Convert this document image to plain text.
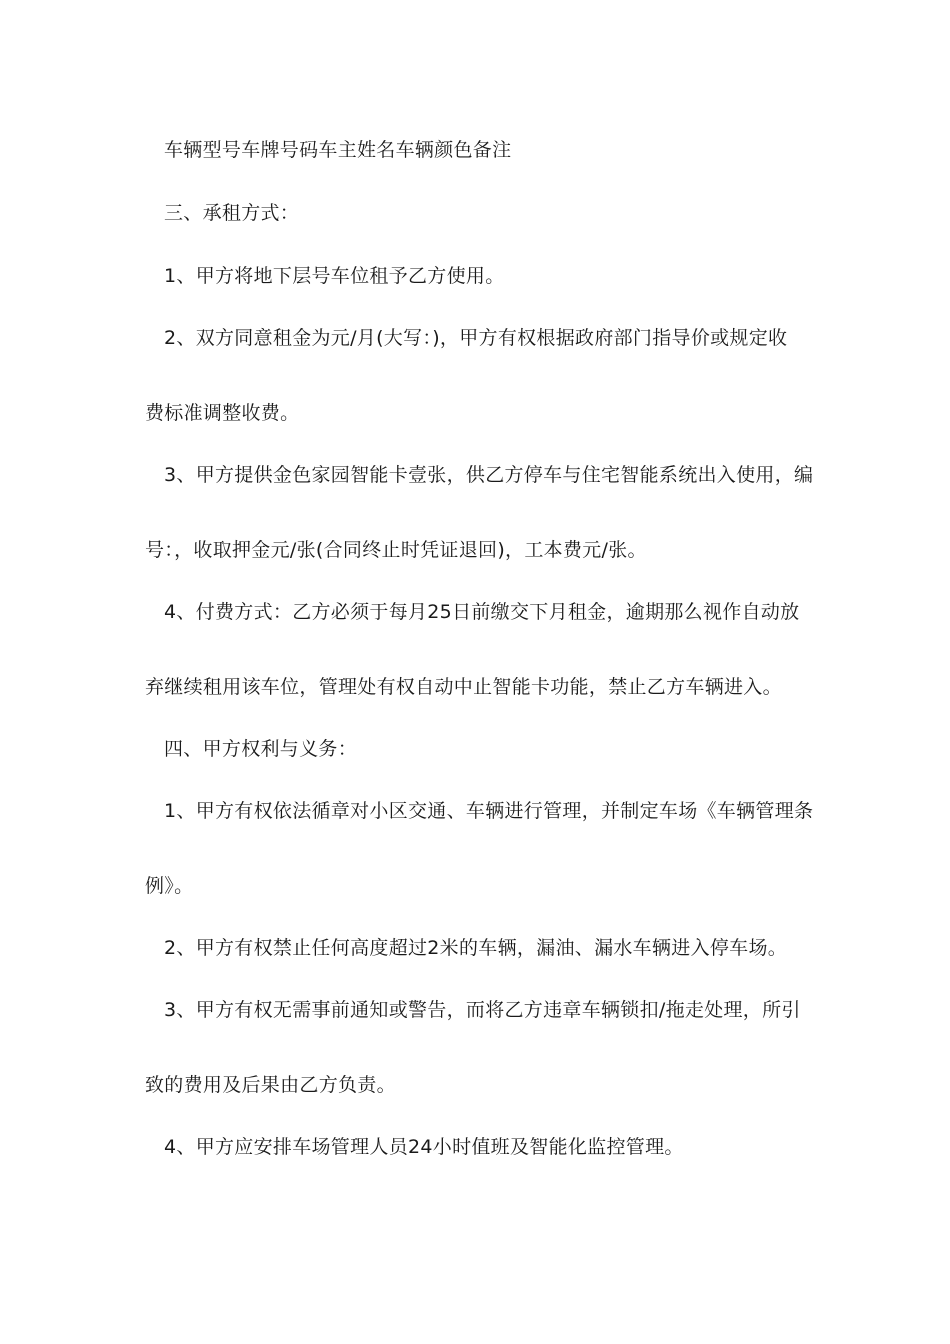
车辆型号车牌号码车主姓名车辆颜色备注
三、承租方式：
1、甲方将地下层号车位租予乙方使用。
2、双方同意租金为元/月(大写：)，甲方有权根据政府部门指导价或规定收
费标准调整收费。
3、甲方提供金色家园智能卡壹张，供乙方停车与住宅智能系统出入使用，编
号：，收取押金元/张(合同终止时凭证退回)，工本费元/张。
4、付费方式：乙方必须于每月25日前缴交下月租金，逾期那么视作自动放
弃继续租用该车位，管理处有权自动中止智能卡功能，禁止乙方车辆进入。
四、甲方权利与义务：
1、甲方有权依法循章对小区交通、车辆进行管理，并制定车场《车辆管理条
例》。
2、甲方有权禁止任何高度超过2米的车辆，漏油、漏水车辆进入停车场。
3、甲方有权无需事前通知或警告，而将乙方违章车辆锁扣/拖走处理，所引
致的费用及后果由乙方负责。
4、甲方应安排车场管理人员24小时值班及智能化监控管理。
